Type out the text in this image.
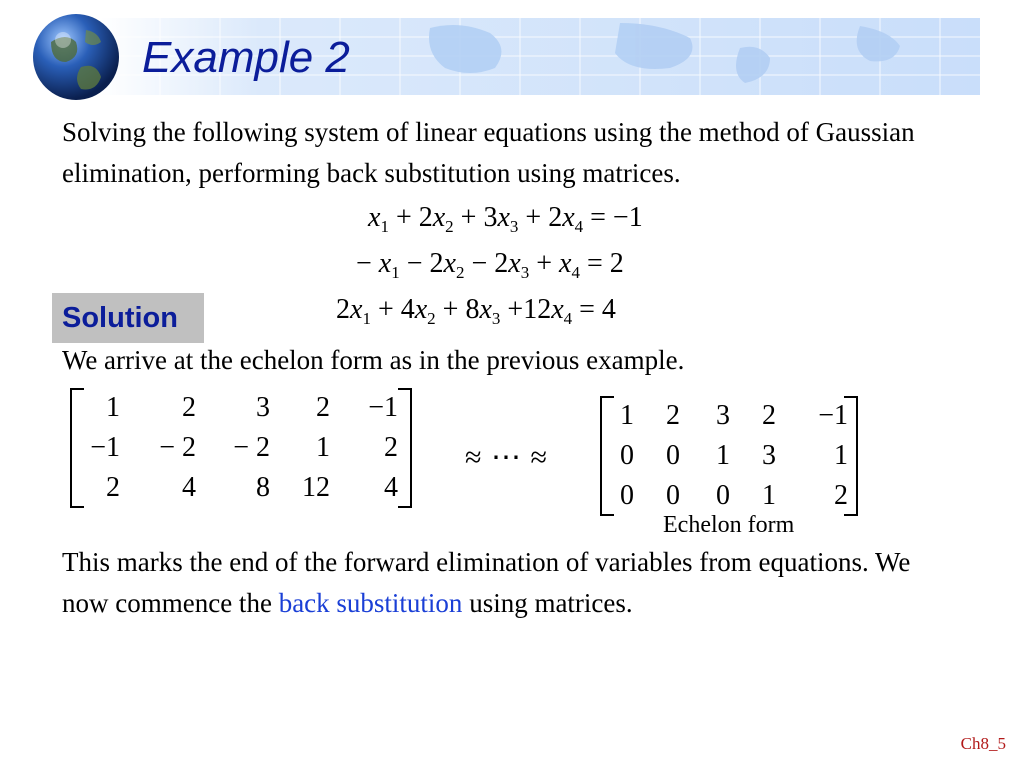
Example 2
Solving the following system of linear equations using the method of Gaussian elimination, performing back substitution using matrices.
$x_1 + 2x_2 + 3x_3 + 2x_4 = -1$
− $x_1 - 2x_2 - 2x_3 + x_4 = 2$
$2x_1 + 4x_2 + 8x_3 +12x_4 = 4$
Solution
We arrive at the echelon form as in the previous example.
1	2	3	2	−1
−1	− 2	− 2	1	2
2	4	8	12	4
≈ ⋯ ≈
1	2	3	2	−1
0	0	1	3	1
0	0	0	1	2
Echelon form
This marks the end of the forward elimination of variables from equations. We now commence the back substitution using matrices.
Ch8_5
